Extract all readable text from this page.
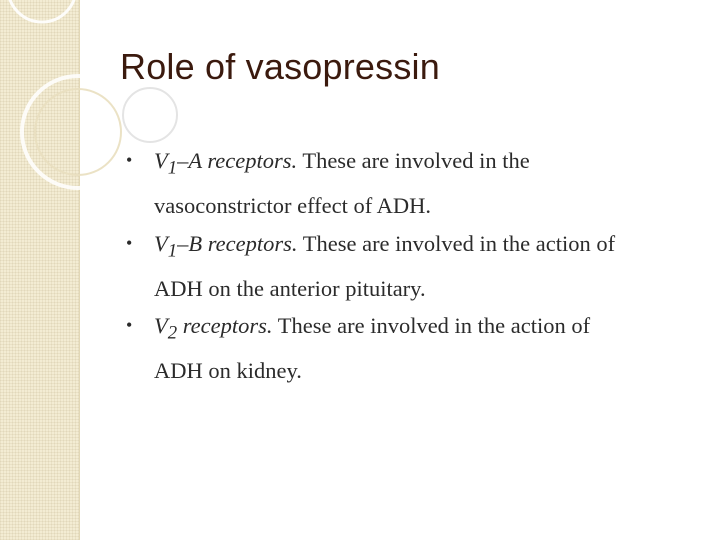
Role of vasopressin
• $V_1-A$ receptors. These are involved in the vasoconstrictor effect of ADH.
• $V_1-B$ receptors. These are involved in the action of ADH on the anterior pituitary.
• $V_2$ receptors. These are involved in the action of ADH on kidney.
